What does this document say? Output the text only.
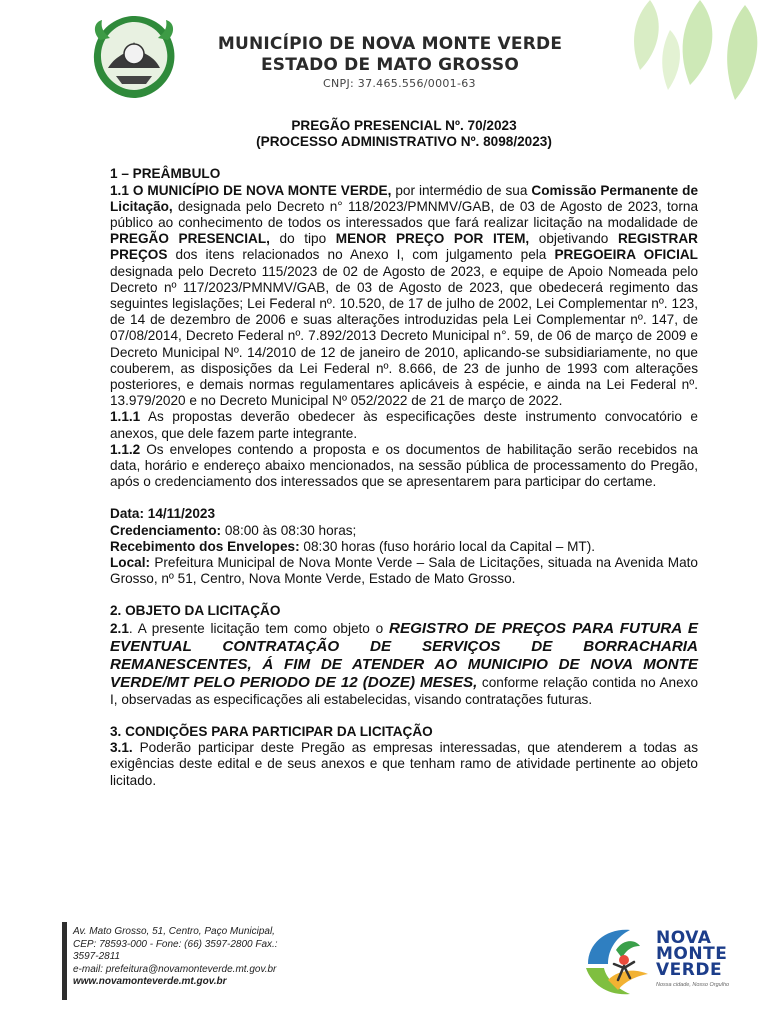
MUNICÍPIO DE NOVA MONTE VERDE
ESTADO DE MATO GROSSO
CNPJ: 37.465.556/0001-63

PREGÃO PRESENCIAL Nº. 70/2023

(PROCESSO ADMINISTRATIVO Nº. 8098/2023)

1 – PREÂMBULO

1.1 O MUNICÍPIO DE NOVA MONTE VERDE, por intermédio de sua Comissão Permanente de Licitação, designada pelo Decreto n° 118/2023/PMNMV/GAB, de 03 de Agosto de 2023, torna público ao conhecimento de todos os interessados que fará realizar licitação na modalidade de PREGÃO PRESENCIAL, do tipo MENOR PREÇO POR ITEM, objetivando REGISTRAR PREÇOS dos itens relacionados no Anexo I, com julgamento pela PREGOEIRA OFICIAL designada pelo Decreto 115/2023 de 02 de Agosto de 2023, e equipe de Apoio Nomeada pelo Decreto nº 117/2023/PMNMV/GAB, de 03 de Agosto de 2023, que obedecerá regimento das seguintes legislações; Lei Federal nº. 10.520, de 17 de julho de 2002, Lei Complementar nº. 123, de 14 de dezembro de 2006 e suas alterações introduzidas pela Lei Complementar nº. 147, de 07/08/2014, Decreto Federal nº. 7.892/2013 Decreto Municipal n°. 59, de 06 de março de 2009 e Decreto Municipal Nº. 14/2010 de 12 de janeiro de 2010, aplicando-se subsidiariamente, no que couberem, as disposições da Lei Federal nº. 8.666, de 23 de junho de 1993 com alterações posteriores, e demais normas regulamentares aplicáveis à espécie, e ainda na Lei Federal nº. 13.979/2020 e no Decreto Municipal Nº 052/2022 de 21 de março de 2022.

1.1.1 As propostas deverão obedecer às especificações deste instrumento convocatório e anexos, que dele fazem parte integrante.

1.1.2 Os envelopes contendo a proposta e os documentos de habilitação serão recebidos na data, horário e endereço abaixo mencionados, na sessão pública de processamento do Pregão, após o credenciamento dos interessados que se apresentarem para participar do certame.

Data: 14/11/2023

Credenciamento: 08:00 às 08:30 horas;

Recebimento dos Envelopes: 08:30 horas (fuso horário local da Capital – MT).

Local: Prefeitura Municipal de Nova Monte Verde – Sala de Licitações, situada na Avenida Mato Grosso, nº 51, Centro, Nova Monte Verde, Estado de Mato Grosso.

2. OBJETO DA LICITAÇÃO

2.1. A presente licitação tem como objeto o REGISTRO DE PREÇOS PARA FUTURA E EVENTUAL CONTRATAÇÃO DE SERVIÇOS DE BORRACHARIA REMANESCENTES, Á FIM DE ATENDER AO MUNICIPIO DE NOVA MONTE VERDE/MT PELO PERIODO DE 12 (DOZE) MESES, conforme relação contida no Anexo I, observadas as especificações ali estabelecidas, visando contratações futuras.

3. CONDIÇÕES PARA PARTICIPAR DA LICITAÇÃO

3.1. Poderão participar deste Pregão as empresas interessadas, que atenderem a todas as exigências deste edital e de seus anexos e que tenham ramo de atividade pertinente ao objeto licitado.

Av. Mato Grosso, 51, Centro, Paço Municipal,
CEP: 78593-000 - Fone: (66) 3597-2800 Fax.:
3597-2811
e-mail: prefeitura@novamonteverde.mt.gov.br
www.novamonteverde.mt.gov.br
NOVA
MONTE
VERDE
Nossa cidade, Nosso Orgulho
